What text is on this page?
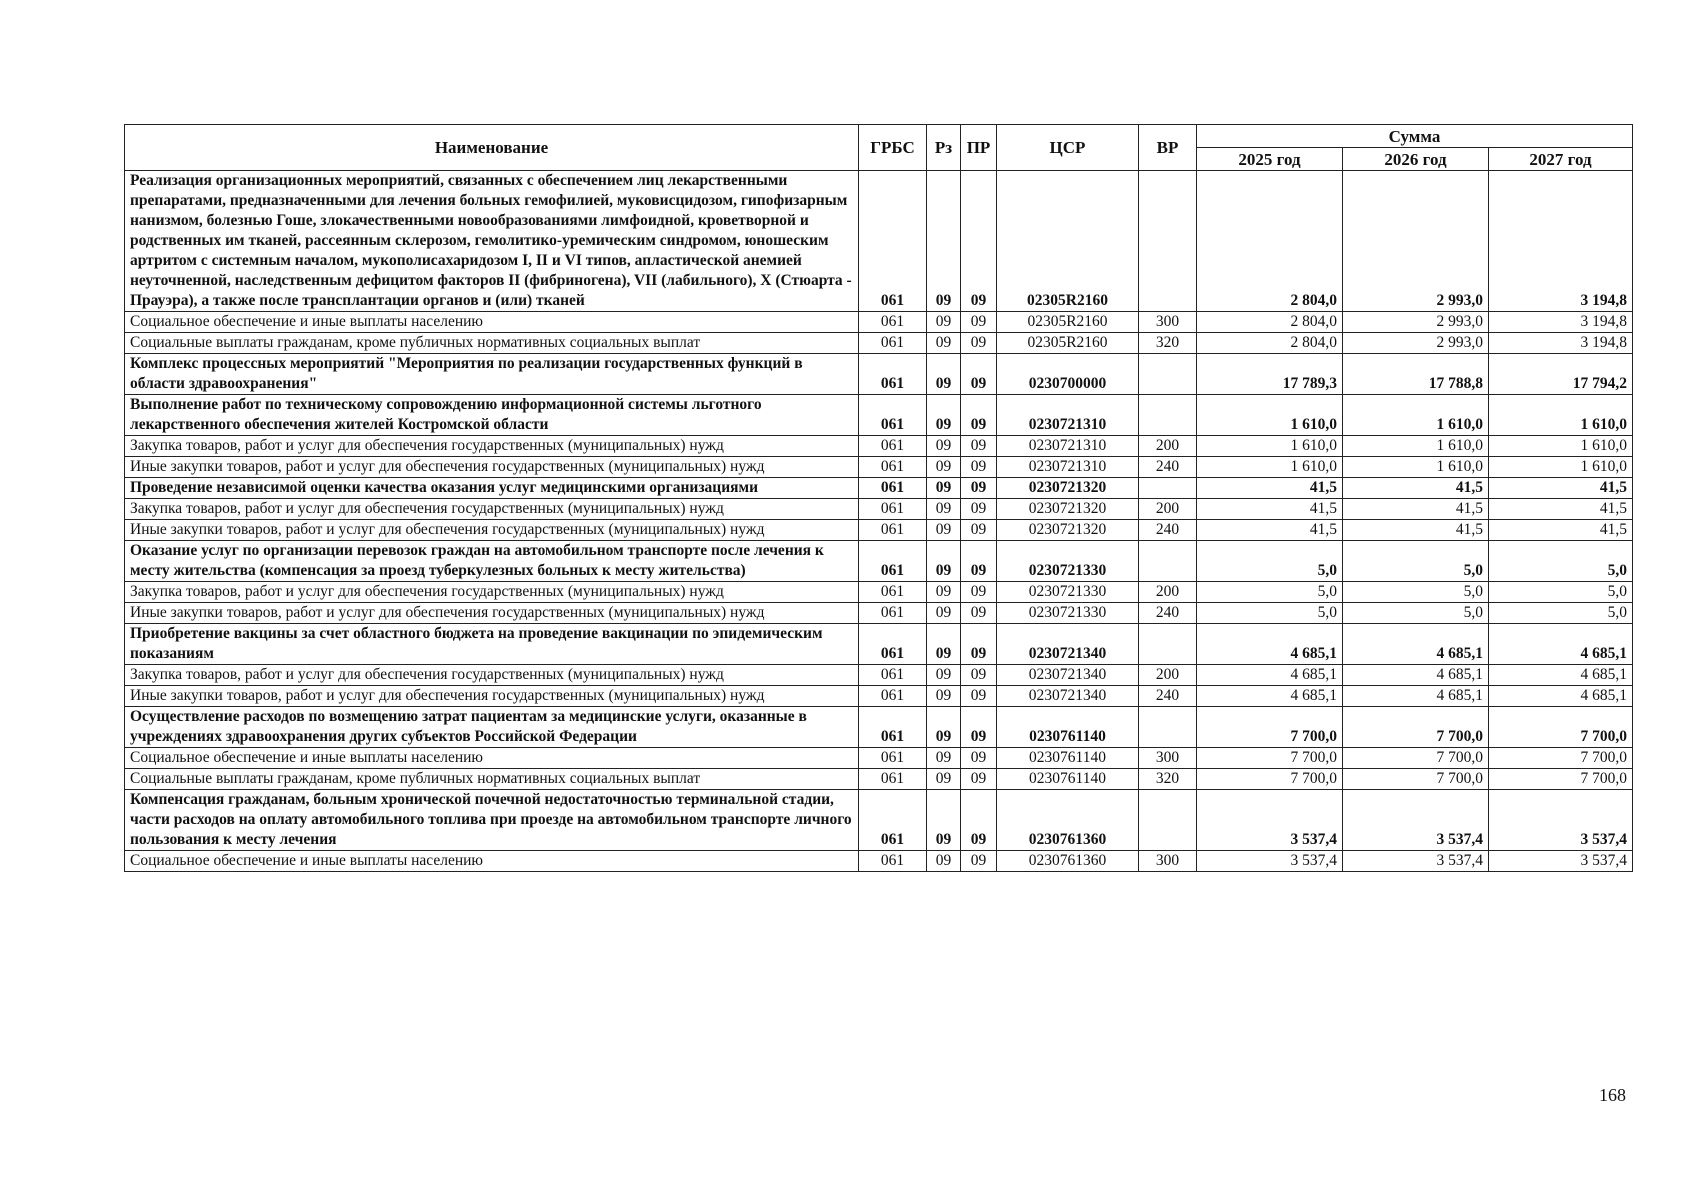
Наименование	ГРБС	Рз	ПР	ЦСР	ВР	Сумма		
						2025 год	2026 год	2027 год
Реализация организационных мероприятий, связанных с обеспечением лиц лекарственными препаратами, предназначенными для лечения больных гемофилией, муковисцидозом, гипофизарным нанизмом, болезнью Гоше, злокачественными новообразованиями лимфоидной, кроветворной и родственных им тканей, рассеянным склерозом, гемолитико-уремическим синдромом, юношеским артритом с системным началом, мукополисахаридозом I, II и VI типов, апластической анемией неуточненной, наследственным дефицитом факторов II (фибриногена), VII (лабильного), X (Стюарта - Прауэра), а также после трансплантации органов и (или) тканей	061	09	09	02305R2160		2 804,0	2 993,0	3 194,8
Социальное обеспечение и иные выплаты населению	061	09	09	02305R2160	300	2 804,0	2 993,0	3 194,8
Социальные выплаты гражданам, кроме публичных нормативных социальных выплат	061	09	09	02305R2160	320	2 804,0	2 993,0	3 194,8
Комплекс процессных мероприятий "Мероприятия по реализации государственных функций в области здравоохранения"	061	09	09	0230700000		17 789,3	17 788,8	17 794,2
Выполнение работ по техническому сопровождению информационной системы льготного лекарственного обеспечения жителей Костромской области	061	09	09	0230721310		1 610,0	1 610,0	1 610,0
Закупка товаров, работ и услуг для обеспечения государственных (муниципальных) нужд	061	09	09	0230721310	200	1 610,0	1 610,0	1 610,0
Иные закупки товаров, работ и услуг для обеспечения государственных (муниципальных) нужд	061	09	09	0230721310	240	1 610,0	1 610,0	1 610,0
Проведение независимой оценки качества оказания услуг медицинскими организациями	061	09	09	0230721320		41,5	41,5	41,5
Закупка товаров, работ и услуг для обеспечения государственных (муниципальных) нужд	061	09	09	0230721320	200	41,5	41,5	41,5
Иные закупки товаров, работ и услуг для обеспечения государственных (муниципальных) нужд	061	09	09	0230721320	240	41,5	41,5	41,5
Оказание услуг по организации перевозок граждан на автомобильном транспорте после лечения к месту жительства (компенсация за проезд туберкулезных больных к месту жительства)	061	09	09	0230721330		5,0	5,0	5,0
Закупка товаров, работ и услуг для обеспечения государственных (муниципальных) нужд	061	09	09	0230721330	200	5,0	5,0	5,0
Иные закупки товаров, работ и услуг для обеспечения государственных (муниципальных) нужд	061	09	09	0230721330	240	5,0	5,0	5,0
Приобретение вакцины за счет областного бюджета на проведение вакцинации по эпидемическим показаниям	061	09	09	0230721340		4 685,1	4 685,1	4 685,1
Закупка товаров, работ и услуг для обеспечения государственных (муниципальных) нужд	061	09	09	0230721340	200	4 685,1	4 685,1	4 685,1
Иные закупки товаров, работ и услуг для обеспечения государственных (муниципальных) нужд	061	09	09	0230721340	240	4 685,1	4 685,1	4 685,1
Осуществление расходов по возмещению затрат пациентам за медицинские услуги, оказанные в учреждениях здравоохранения других субъектов Российской Федерации	061	09	09	0230761140		7 700,0	7 700,0	7 700,0
Социальное обеспечение и иные выплаты населению	061	09	09	0230761140	300	7 700,0	7 700,0	7 700,0
Социальные выплаты гражданам, кроме публичных нормативных социальных выплат	061	09	09	0230761140	320	7 700,0	7 700,0	7 700,0
Компенсация гражданам, больным хронической почечной недостаточностью терминальной стадии, части расходов на оплату автомобильного топлива при проезде на автомобильном транспорте личного пользования к месту лечения	061	09	09	0230761360		3 537,4	3 537,4	3 537,4
Социальное обеспечение и иные выплаты населению	061	09	09	0230761360	300	3 537,4	3 537,4	3 537,4
168
